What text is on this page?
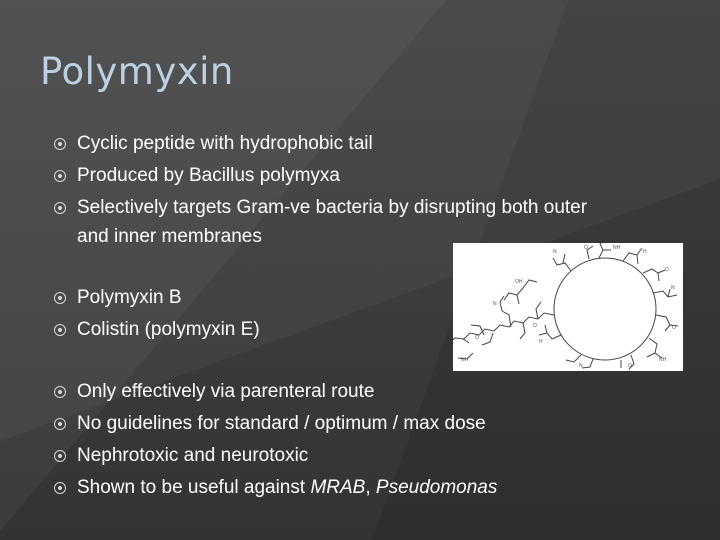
Polymyxin
Cyclic peptide with hydrophobic tail
Produced by Bacillus polymyxa
Selectively targets Gram-ve bacteria by disrupting both outer and inner membranes
Polymyxin B
Colistin (polymyxin E)
Only effectively via parenteral route
No guidelines for standard / optimum / max dose
Nephrotoxic and neurotoxic
Shown to be useful against MRAB, Pseudomonas
N
O	NH
H
O
N
O
NH
O
N
H
OH
N
O
NH
O
